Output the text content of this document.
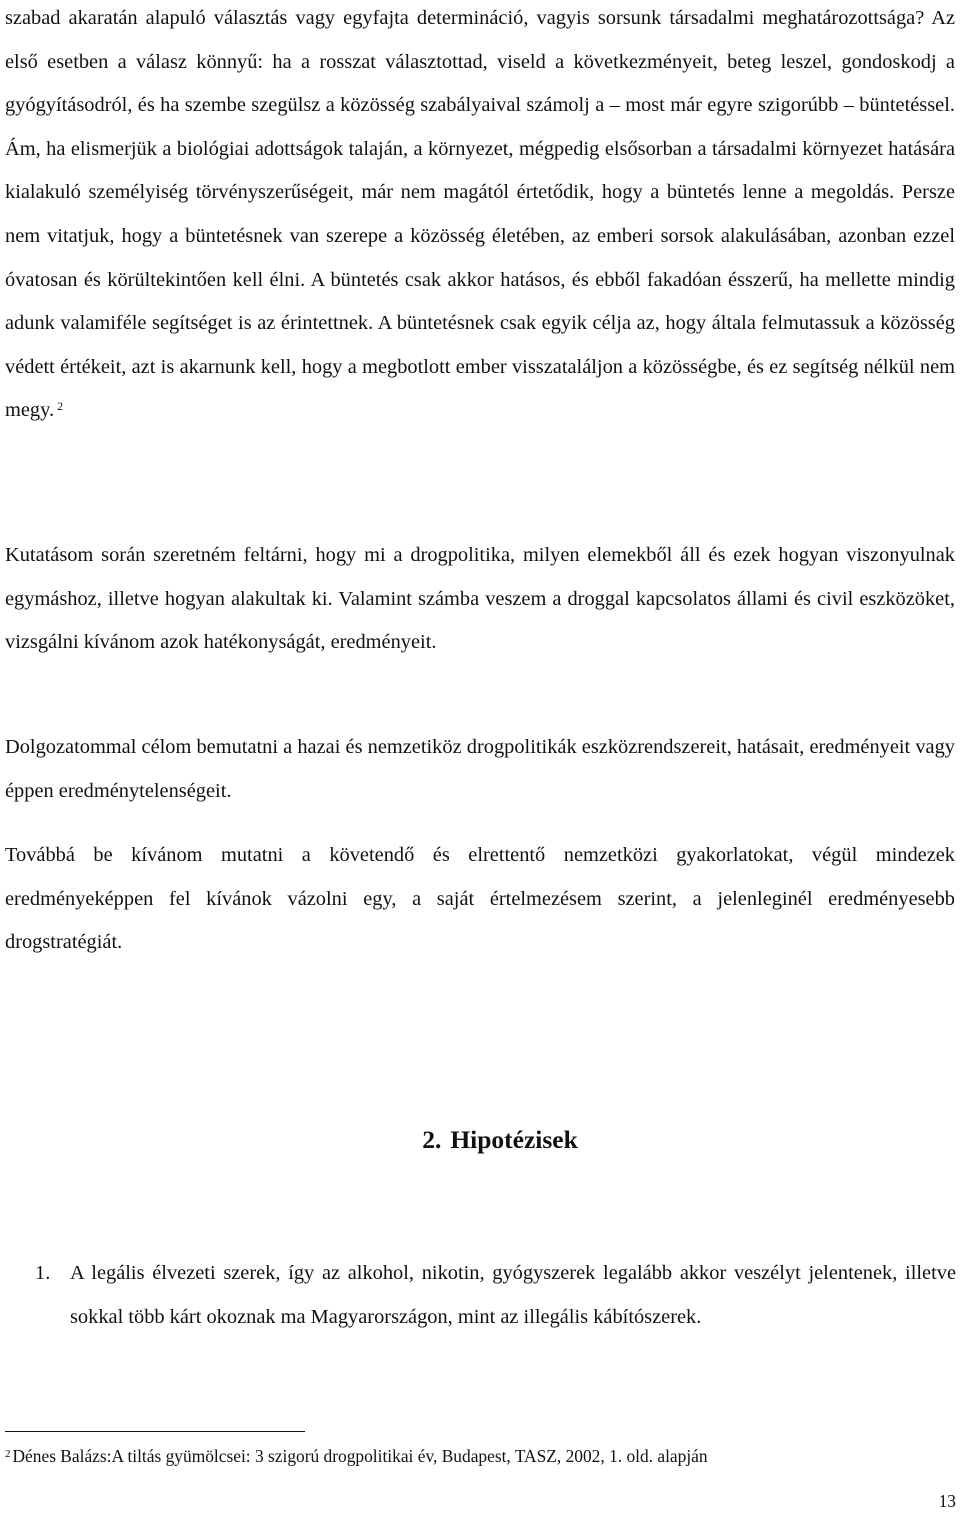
szabad akaratán alapuló választás vagy egyfajta determináció, vagyis sorsunk társadalmi meghatározottsága? Az első esetben a válasz könnyű: ha a rosszat választottad, viseld a következményeit, beteg leszel, gondoskodj a gyógyításodról, és ha szembe szegülsz a közösség szabályaival számolj a – most már egyre szigorúbb – büntetéssel. Ám, ha elismerjük a biológiai adottságok talaján, a környezet, mégpedig elsősorban a társadalmi környezet hatására kialakuló személyiség törvényszerűségeit, már nem magától értetődik, hogy a büntetés lenne a megoldás. Persze nem vitatjuk, hogy a büntetésnek van szerepe a közösség életében, az emberi sorsok alakulásában, azonban ezzel óvatosan és körültekintően kell élni. A büntetés csak akkor hatásos, és ebből fakadóan ésszerű, ha mellette mindig adunk valamiféle segítséget is az érintettnek. A büntetésnek csak egyik célja az, hogy általa felmutassuk a közösség védett értékeit, azt is akarnunk kell, hogy a megbotlott ember visszataláljon a közösségbe, és ez segítség nélkül nem megy. $^2$

Kutatásom során szeretném feltárni, hogy mi a drogpolitika, milyen elemekből áll és ezek hogyan viszonyulnak egymáshoz, illetve hogyan alakultak ki. Valamint számba veszem a droggal kapcsolatos állami és civil eszközöket, vizsgálni kívánom azok hatékonyságát, eredményeit.

Dolgozatommal célom bemutatni a hazai és nemzetiköz drogpolitikák eszközrendszereit, hatásait, eredményeit vagy éppen eredménytelenségeit.

Továbbá be kívánom mutatni a követendő és elrettentő nemzetközi gyakorlatokat, végül mindezek eredményeképpen fel kívánok vázolni egy, a saját értelmezésem szerint, a jelenleginél eredményesebb drogstratégiát.

2. Hipotézisek
1. A legális élvezeti szerek, így az alkohol, nikotin, gyógyszerek legalább akkor veszélyt jelentenek, illetve sokkal több kárt okoznak ma Magyarországon, mint az illegális kábítószerek.

$^2$ Dénes Balázs:A tiltás gyümölcsei: 3 szigorú drogpolitikai év, Budapest, TASZ, 2002, 1. old. alapján

13
